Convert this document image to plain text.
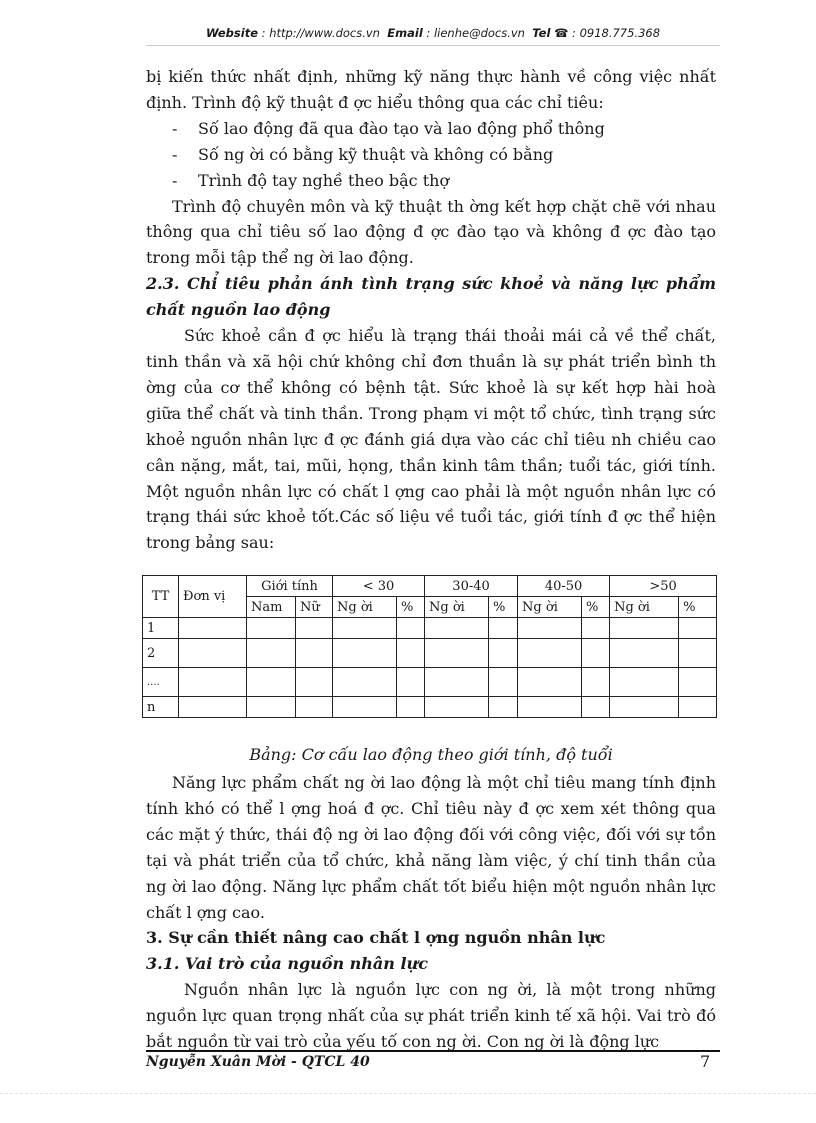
Website : http://www.docs.vn Email : lienhe@docs.vn Tel ☎ : 0918.775.368

bị kiến thức nhất định, những kỹ năng thực hành về công việc nhất định. Trình độ kỹ thuật đ ợc hiểu thông qua các chỉ tiêu:

- Số lao động đã qua đào tạo và lao động phổ thông

- Số ng ời có bằng kỹ thuật và không có bằng

- Trình độ tay nghề theo bậc thợ

Trình độ chuyên môn và kỹ thuật th ờng kết hợp chặt chẽ với nhau thông qua chỉ tiêu số lao động đ ợc đào tạo và không đ ợc đào tạo trong mỗi tập thể ng ời lao động.

2.3. Chỉ tiêu phản ánh tình trạng sức khoẻ và năng lực phẩm chất nguồn lao động

Sức khoẻ cần đ ợc hiểu là trạng thái thoải mái cả về thể chất, tinh thần và xã hội chứ không chỉ đơn thuần là sự phát triển bình th ờng của cơ thể không có bệnh tật. Sức khoẻ là sự kết hợp hài hoà giữa thể chất và tinh thần. Trong phạm vi một tổ chức, tình trạng sức khoẻ nguồn nhân lực đ ợc đánh giá dựa vào các chỉ tiêu nh chiều cao cân nặng, mắt, tai, mũi, họng, thần kinh tâm thần; tuổi tác, giới tính. Một nguồn nhân lực có chất l ợng cao phải là một nguồn nhân lực có trạng thái sức khoẻ tốt.Các số liệu về tuổi tác, giới tính đ ợc thể hiện trong bảng sau:

TT	Đơn vị	Giới tính		< 30		30-40		40-50		>50	
		Nam	Nữ	Ng ời	%	Ng ời	%	Ng ời	%	Ng ời	%
1											
2											
....											
n											
Bảng: Cơ cấu lao động theo giới tính, độ tuổi

Năng lực phẩm chất ng ời lao động là một chỉ tiêu mang tính định tính khó có thể l ợng hoá đ ợc. Chỉ tiêu này đ ợc xem xét thông qua các mặt ý thức, thái độ ng ời lao động đối với công việc, đối với sự tồn tại và phát triển của tổ chức, khả năng làm việc, ý chí tinh thần của ng ời lao động. Năng lực phẩm chất tốt biểu hiện một nguồn nhân lực chất l ợng cao.

3. Sự cần thiết nâng cao chất l ợng nguồn nhân lực

3.1. Vai trò của nguồn nhân lực

Nguồn nhân lực là nguồn lực con ng ời, là một trong những nguồn lực quan trọng nhất của sự phát triển kinh tế xã hội. Vai trò đó bắt nguồn từ vai trò của yếu tố con ng ời. Con ng ời là động lực

Nguyễn Xuân Mời - QTCL 40	7
